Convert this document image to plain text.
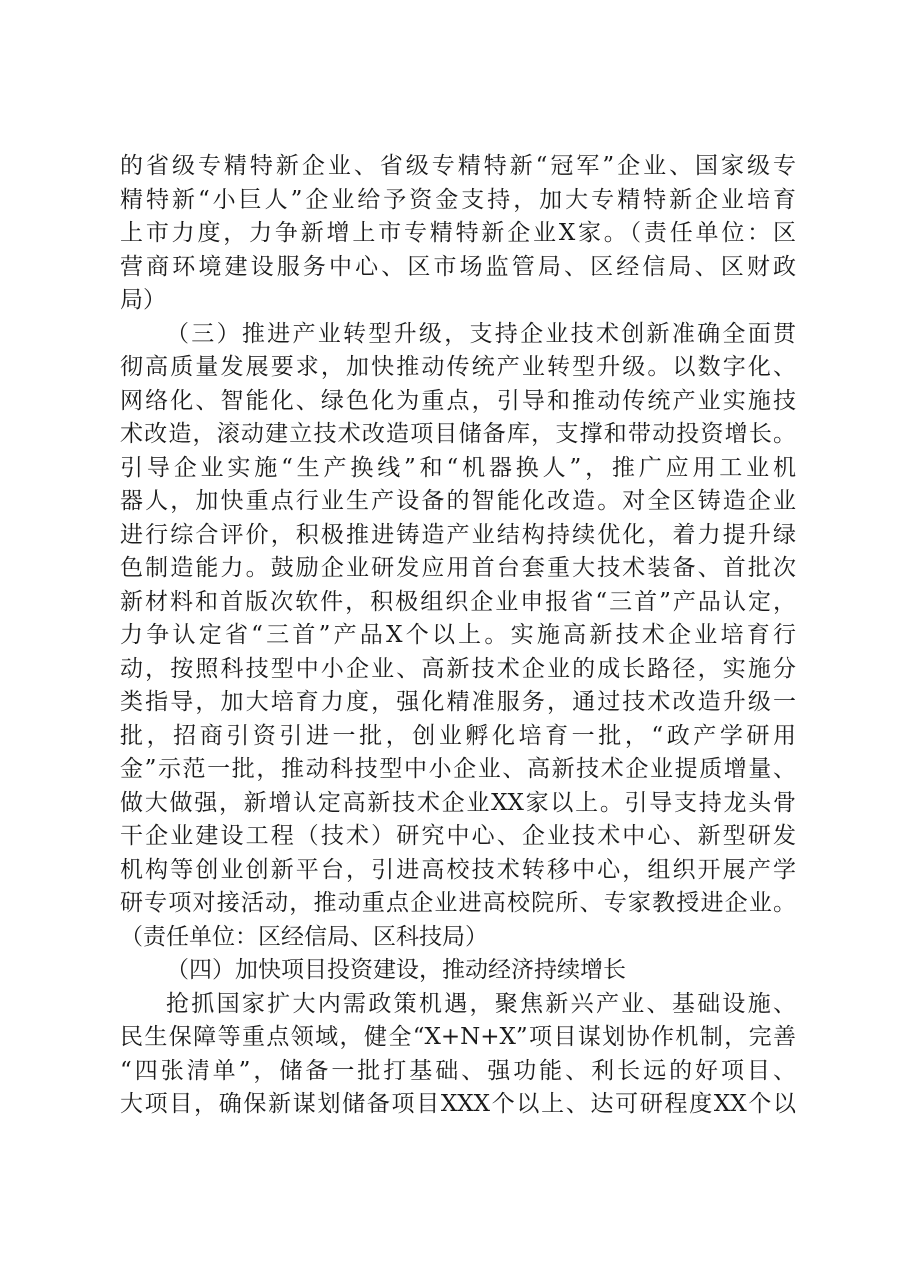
的省级专精特新企业、省级专精特新“冠军”企业、国家级专
精特新“小巨人”企业给予资金支持，加大专精特新企业培育
上市力度，力争新增上市专精特新企业X家。（责任单位：区
营商环境建设服务中心、区市场监管局、区经信局、区财政
局）
（三）推进产业转型升级，支持企业技术创新准确全面贯
彻高质量发展要求，加快推动传统产业转型升级。以数字化、
网络化、智能化、绿色化为重点，引导和推动传统产业实施技
术改造，滚动建立技术改造项目储备库，支撑和带动投资增长。
引导企业实施“生产换线”和“机器换人”，推广应用工业机
器人，加快重点行业生产设备的智能化改造。对全区铸造企业
进行综合评价，积极推进铸造产业结构持续优化，着力提升绿
色制造能力。鼓励企业研发应用首台套重大技术装备、首批次
新材料和首版次软件，积极组织企业申报省“三首”产品认定，
力争认定省“三首”产品X个以上。实施高新技术企业培育行
动，按照科技型中小企业、高新技术企业的成长路径，实施分
类指导，加大培育力度，强化精准服务，通过技术改造升级一
批，招商引资引进一批，创业孵化培育一批，“政产学研用
金”示范一批，推动科技型中小企业、高新技术企业提质增量、
做大做强，新增认定高新技术企业XX家以上。引导支持龙头骨
干企业建设工程（技术）研究中心、企业技术中心、新型研发
机构等创业创新平台，引进高校技术转移中心，组织开展产学
研专项对接活动，推动重点企业进高校院所、专家教授进企业。
（责任单位：区经信局、区科技局）
（四）加快项目投资建设，推动经济持续增长
抢抓国家扩大内需政策机遇，聚焦新兴产业、基础设施、
民生保障等重点领域，健全“X+N+X”项目谋划协作机制，完善
“四张清单”，储备一批打基础、强功能、利长远的好项目、
大项目，确保新谋划储备项目XXX个以上、达可研程度XX个以
